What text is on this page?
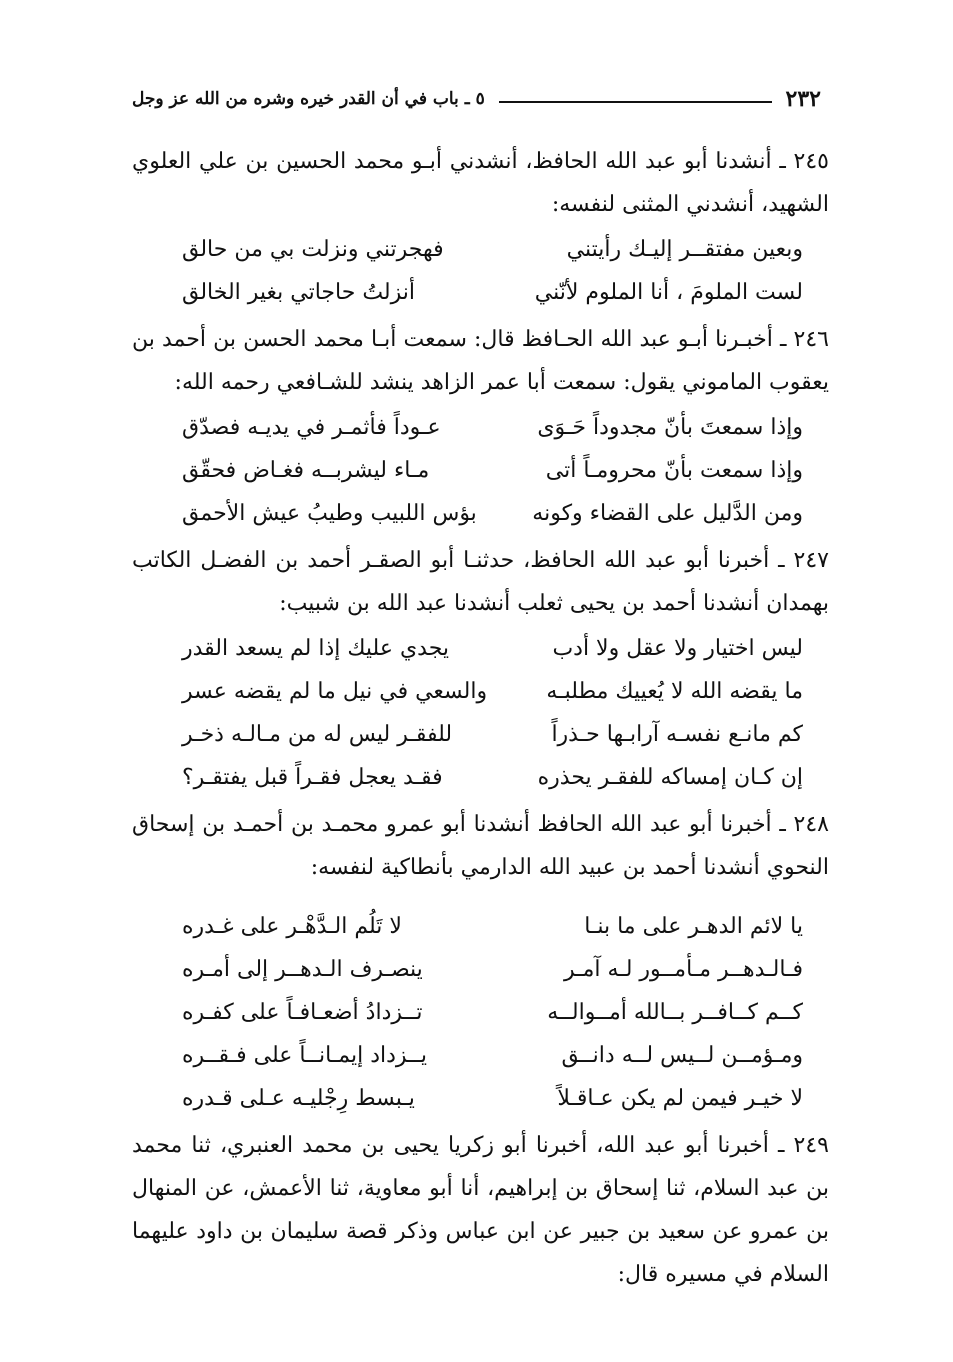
٢٣٢
٥ ـ باب في أن القدر خيره وشره من الله عز وجل

٢٤٥ ـ أنشدنا أبو عبد الله الحافظ، أنشدني أبـو محمد الحسين بن علي العلوي الشهيد، أنشدني المثنى لنفسه:

وبعين مفتقــر إليـك رأيتني
فهجرتني ونزلت بي من حالق
لست الملومَ ، أنا الملوم لأنّني
أنزلتُ حاجاتي بغير الخالق

٢٤٦ ـ أخبـرنا أبـو عبد الله الحـافظ قال: سمعت أبـا محمد الحسن بن أحمد بن يعقوب الماموني يقول: سمعت أبا عمر الزاهد ينشد للشـافعي رحمه الله:

وإذا سمعتَ بأنّ مجدوداً حَـوَى
عـوداً فأثمـر في يديـه فصدّق
وإذا سمعت بأنّ محرومـاً أتى
مـاء ليشربــه فغـاض فحقّق
ومن الدَّليل على القضاء وكونه
بؤس اللبيب وطيبُ عيش الأحمق

٢٤٧ ـ أخبرنا أبو عبد الله الحافظ، حدثنـا أبو الصقـر أحمد بن الفضـل الكاتب بهمدان أنشدنا أحمد بن يحيى ثعلب أنشدنا عبد الله بن شبيب:

ليس اختيار ولا عقل ولا أدب
يجدي عليك إذا لم يسعد القدر
ما يقضه الله لا يُعييك مطلبـه
والسعي في نيل ما لم يقضه عسر
كم مانـع نفسـه آرابـها حـذراً
للفقـر ليس له من مـالـه ذخـر
إن كـان إمساكه للفقـر يحذره
فقـد يعجل فقـراً قبل يفتقـر؟

٢٤٨ ـ أخبرنا أبو عبد الله الحافظ أنشدنا أبو عمرو محمـد بن أحمـد بن إسحاق النحوي أنشدنا أحمد بن عبيد الله الدارمي بأنطاكية لنفسه:

يا لائم الدهـر على ما بنـا
لا تَلُم الـدَّهْـر على غـدره
فـالـدهــر مـأمــور لـه آمـر
ينصـرف الـدهــر إلى أمـره
كــم كــافــر بــالله أمــوالــه
تــزدادُ أضعـافـاً على كفـره
ومـؤمــن لــيس لــه دانــق
يــزداد إيمـانــاً على فـقــره
لا خيـر فيمن لم يكن عـاقـلاً
يـبسط رِجْليـه عـلى قـدره

٢٤٩ ـ أخبرنا أبو عبد الله، أخبرنا أبو زكريا يحيى بن محمد العنبري، ثنا محمد بن عبد السلام، ثنا إسحاق بن إبراهيم، أنا أبو معاوية، ثنا الأعمش، عن المنهال بن عمرو عن سعيد بن جبير عن ابن عباس وذكر قصة سليمان بن داود عليهما السلام في مسيره قال:
